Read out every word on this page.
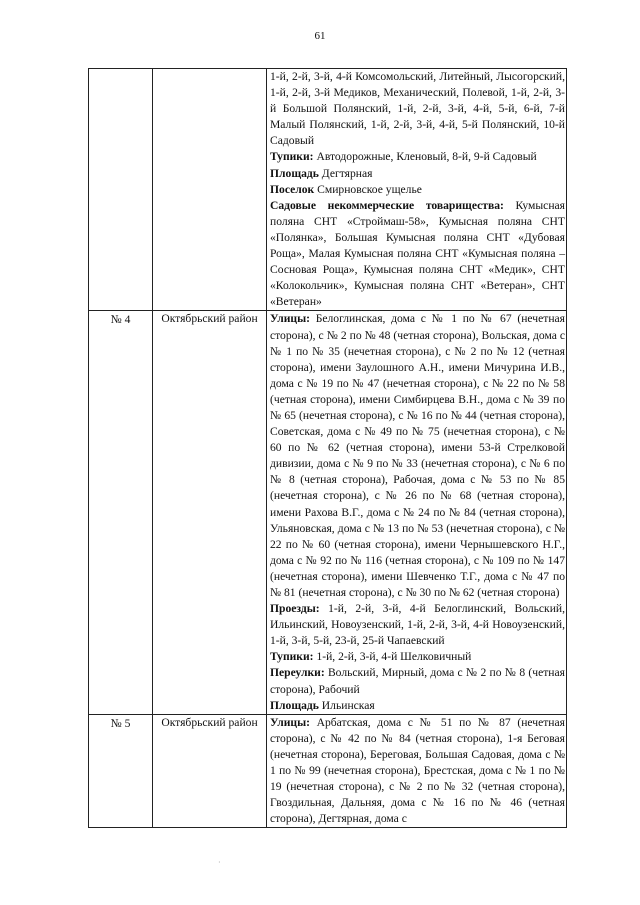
61

		1-й, 2-й, 3-й, 4-й Комсомольский, Литейный, Лысогорский, 1-й, 2-й, 3-й Медиков, Механический, Полевой, 1-й, 2-й, 3-й Большой Полянский, 1-й, 2-й, 3-й, 4-й, 5-й, 6-й, 7-й Малый Полянский, 1-й, 2-й, 3-й, 4-й, 5-й Полянский, 10-й Садовый

Тупики: Автодорожные, Кленовый, 8-й, 9-й Садовый

Площадь Дегтярная

Поселок Смирновское ущелье

Садовые некоммерческие товарищества: Кумысная поляна СНТ «Строймаш-58», Кумысная поляна СНТ «Полянка», Большая Кумысная поляна СНТ «Дубовая Роща», Малая Кумысная поляна СНТ «Кумысная поляна – Сосновая Роща», Кумысная поляна СНТ «Медик», СНТ «Колокольчик», Кумысная поляна СНТ «Ветеран», СНТ «Ветеран»

№ 4	Октябрьский район	Улицы: Белоглинская, дома с № 1 по № 67 (нечетная сторона), с № 2 по № 48 (четная сторона), Вольская, дома с № 1 по № 35 (нечетная сторона), с № 2 по № 12 (четная сторона), имени Заулошного А.Н., имени Мичурина И.В., дома с № 19 по № 47 (нечетная сторона), с № 22 по № 58 (четная сторона), имени Симбирцева В.Н., дома с № 39 по № 65 (нечетная сторона), с № 16 по № 44 (четная сторона), Советская, дома с № 49 по № 75 (нечетная сторона), с № 60 по № 62 (четная сторона), имени 53-й Стрелковой дивизии, дома с № 9 по № 33 (нечетная сторона), с № 6 по № 8 (четная сторона), Рабочая, дома с № 53 по № 85 (нечетная сторона), с № 26 по № 68 (четная сторона), имени Рахова В.Г., дома с № 24 по № 84 (четная сторона), Ульяновская, дома с № 13 по № 53 (нечетная сторона), с № 22 по № 60 (четная сторона), имени Чернышевского Н.Г., дома с № 92 по № 116 (четная сторона), с № 109 по № 147 (нечетная сторона), имени Шевченко Т.Г., дома с № 47 по № 81 (нечетная сторона), с № 30 по № 62 (четная сторона)

Проезды: 1-й, 2-й, 3-й, 4-й Белоглинский, Вольский, Ильинский, Новоузенский, 1-й, 2-й, 3-й, 4-й Новоузенский, 1-й, 3-й, 5-й, 23-й, 25-й Чапаевский

Тупики: 1-й, 2-й, 3-й, 4-й Шелковичный

Переулки: Вольский, Мирный, дома с № 2 по № 8 (четная сторона), Рабочий

Площадь Ильинская

№ 5	Октябрьский район	Улицы: Арбатская, дома с № 51 по № 87 (нечетная сторона), с № 42 по № 84 (четная сторона), 1-я Беговая (нечетная сторона), Береговая, Большая Садовая, дома с № 1 по № 99 (нечетная сторона), Брестская, дома с № 1 по № 19 (нечетная сторона), с № 2 по № 32 (четная сторона), Гвоздильная, Дальняя, дома с № 16 по № 46 (четная сторона), Дегтярная, дома с

·
